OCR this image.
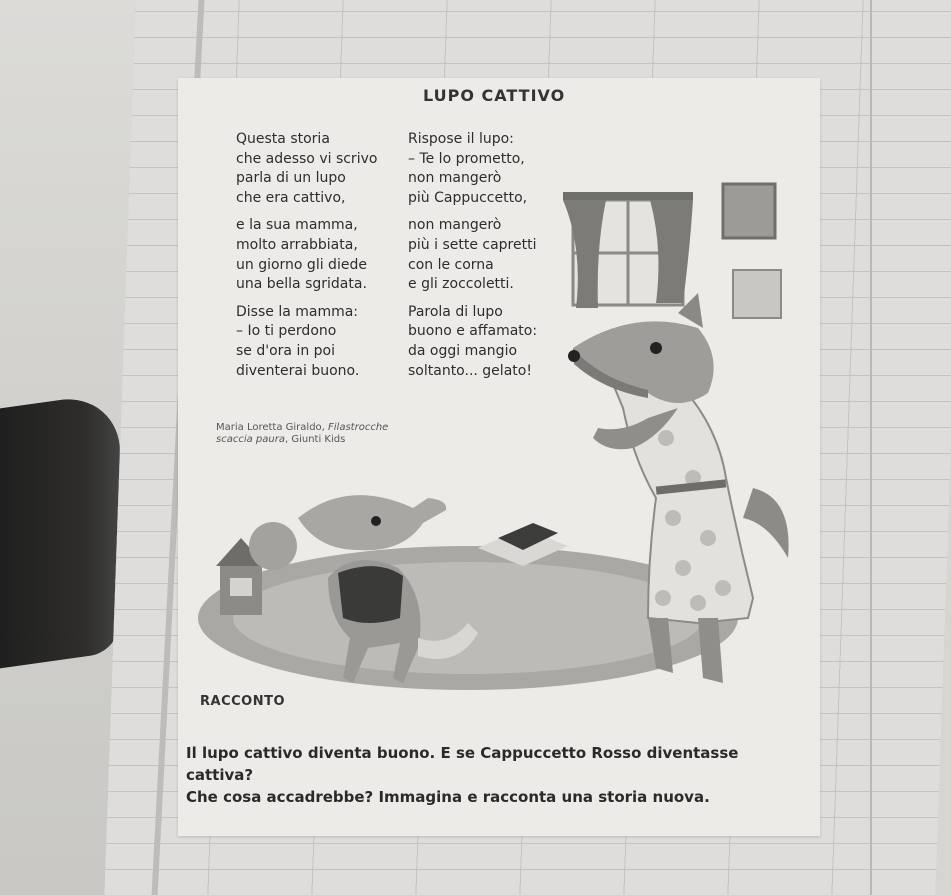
LUPO CATTIVO
Questa storia
che adesso vi scrivo
parla di un lupo
che era cattivo,
e la sua mamma,
molto arrabbiata,
un giorno gli diede
una bella sgridata.
Disse la mamma:
– Io ti perdono
se d'ora in poi
diventerai buono.
Rispose il lupo:
– Te lo prometto,
non mangerò
più Cappuccetto,
non mangerò
più i sette capretti
con le corna
e gli zoccoletti.
Parola di lupo
buono e affamato:
da oggi mangio
soltanto... gelato!
Maria Loretta Giraldo, Filastrocche
scaccia paura, Giunti Kids
RACCONTO
Il lupo cattivo diventa buono. E se Cappuccetto Rosso diventasse
cattiva?
Che cosa accadrebbe? Immagina e racconta una storia nuova.
